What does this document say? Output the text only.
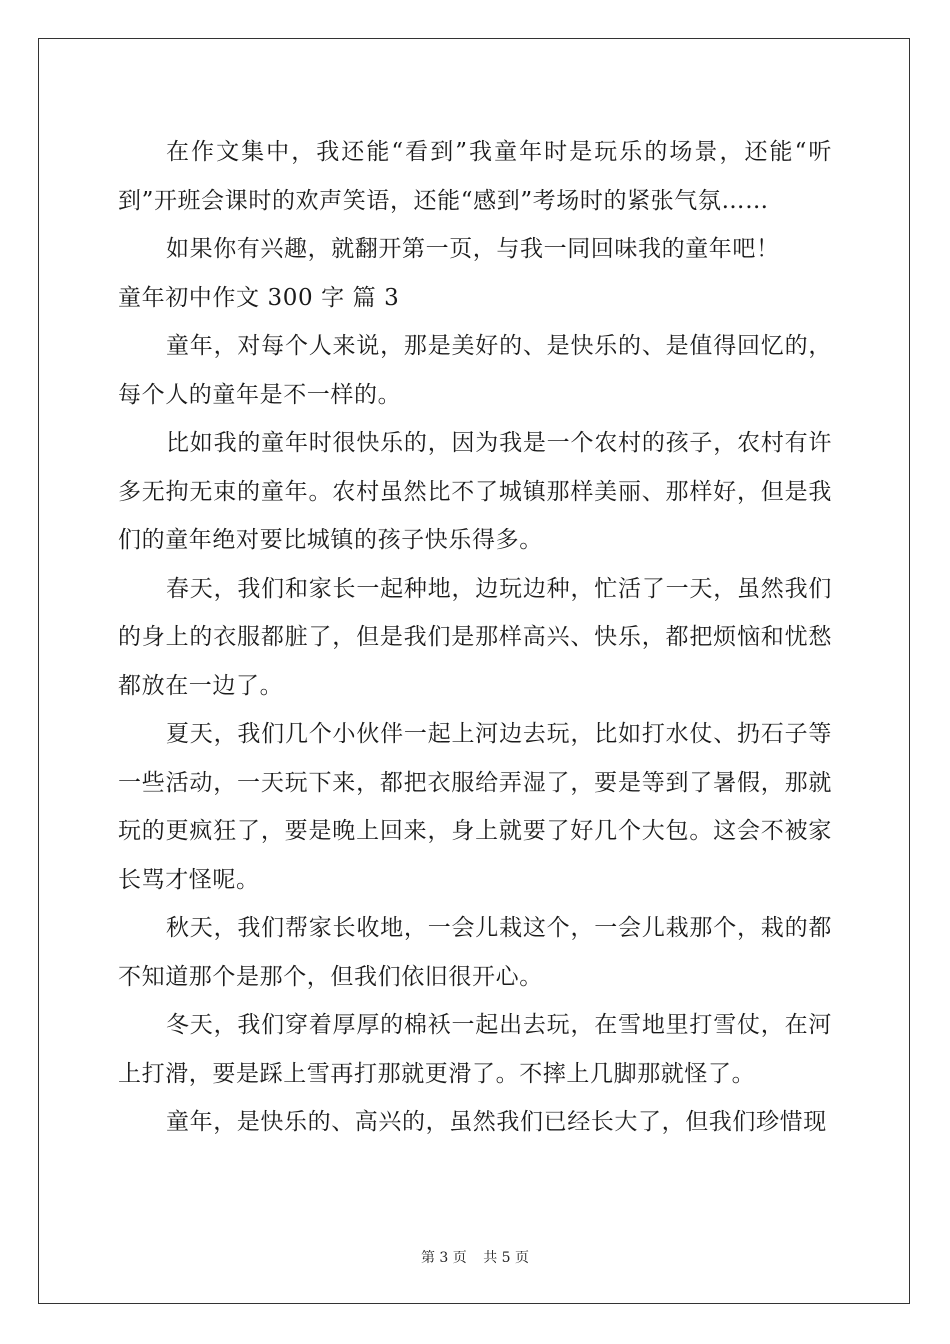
在作文集中，我还能“看到”我童年时是玩乐的场景，还能“听到”开班会课时的欢声笑语，还能“感到”考场时的紧张气氛……

如果你有兴趣，就翻开第一页，与我一同回味我的童年吧！

童年初中作文 300 字 篇 3

童年，对每个人来说，那是美好的、是快乐的、是值得回忆的，每个人的童年是不一样的。

比如我的童年时很快乐的，因为我是一个农村的孩子，农村有许多无拘无束的童年。农村虽然比不了城镇那样美丽、那样好，但是我们的童年绝对要比城镇的孩子快乐得多。

春天，我们和家长一起种地，边玩边种，忙活了一天，虽然我们的身上的衣服都脏了，但是我们是那样高兴、快乐，都把烦恼和忧愁都放在一边了。

夏天，我们几个小伙伴一起上河边去玩，比如打水仗、扔石子等一些活动，一天玩下来，都把衣服给弄湿了，要是等到了暑假，那就玩的更疯狂了，要是晚上回来，身上就要了好几个大包。这会不被家长骂才怪呢。

秋天，我们帮家长收地，一会儿栽这个，一会儿栽那个，栽的都不知道那个是那个，但我们依旧很开心。

冬天，我们穿着厚厚的棉袄一起出去玩，在雪地里打雪仗，在河上打滑，要是踩上雪再打那就更滑了。不摔上几脚那就怪了。

童年，是快乐的、高兴的，虽然我们已经长大了，但我们珍惜现

第 3 页 共 5 页
